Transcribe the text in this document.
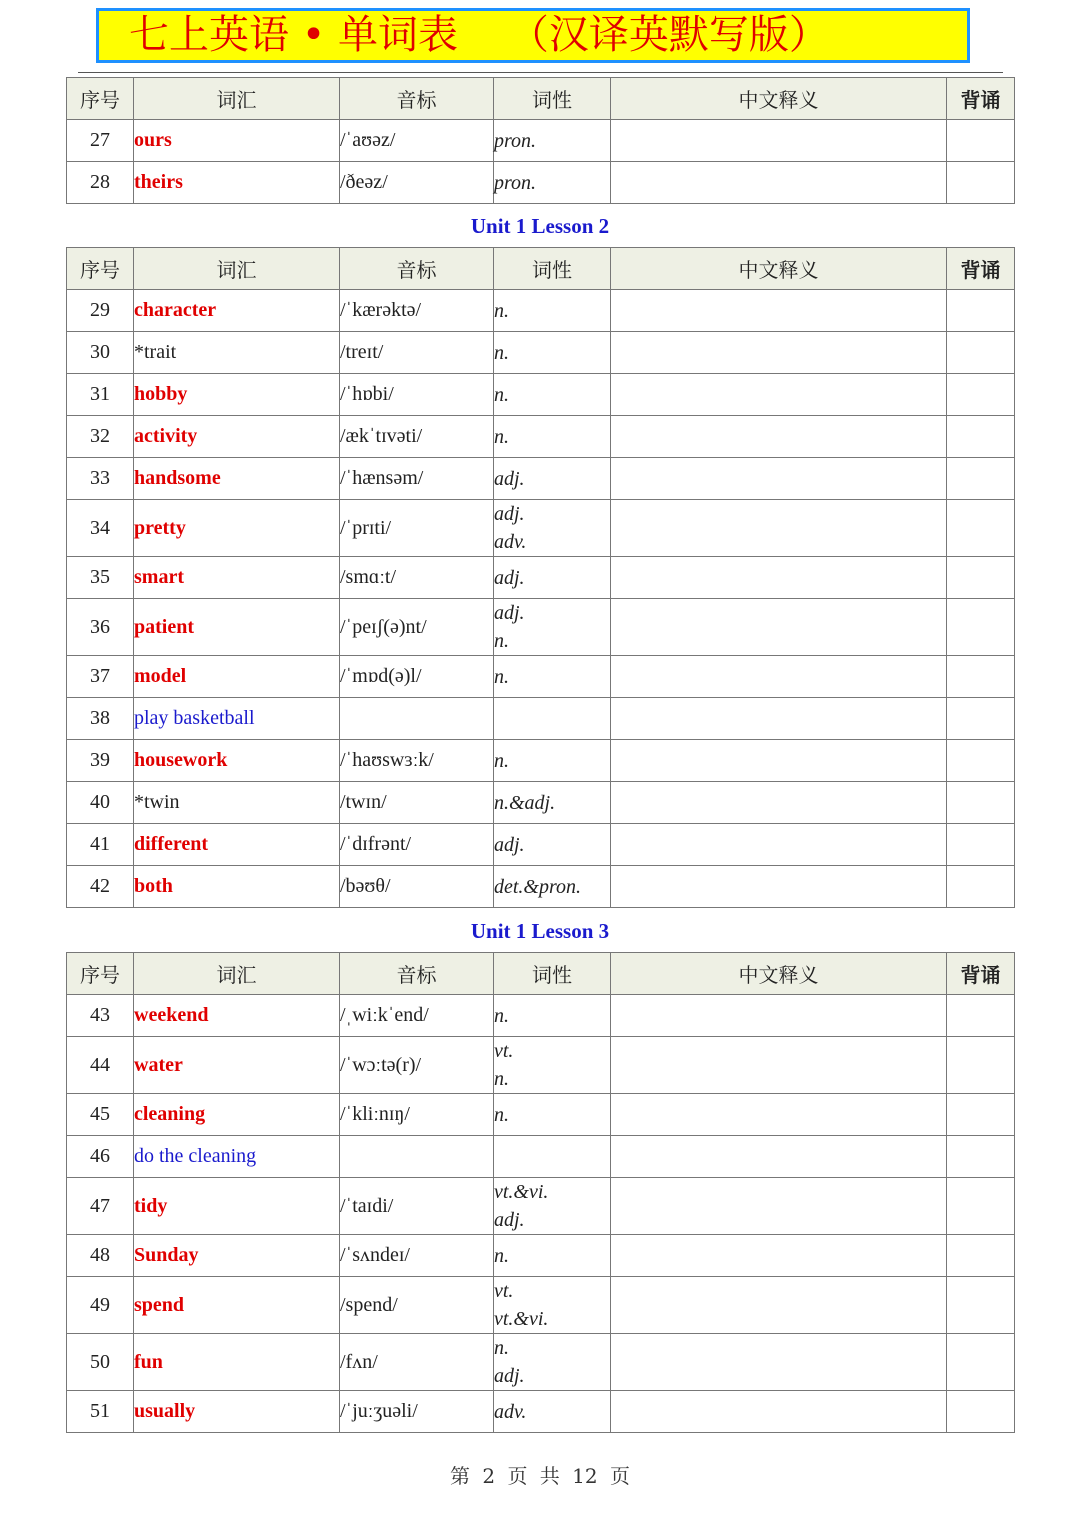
七上英语 • 单词表    （汉译英默写版）
序号	词汇	音标	词性	中文释义	背诵
27	ours	/ˈaʊəz/	pron.		

28	theirs	/ðeəz/	pron.		

Unit 1 Lesson 2
序号	词汇	音标	词性	中文释义	背诵
29	character	/ˈkærəktə/	n.		

30	*trait	/treɪt/	n.		

31	hobby	/ˈhɒbi/	n.		

32	activity	/ækˈtɪvəti/	n.		

33	handsome	/ˈhænsəm/	adj.		

34	pretty	/ˈprɪti/	adj.
adv.		

35	smart	/smɑːt/	adj.		

36	patient	/ˈpeɪʃ(ə)nt/	adj.
n.		

37	model	/ˈmɒd(ə)l/	n.		

38	play basketball		

39	housework	/ˈhaʊswɜːk/	n.		

40	*twin	/twɪn/	n.&adj.		

41	different	/ˈdɪfrənt/	adj.		

42	both	/bəʊθ/	det.&pron.		

Unit 1 Lesson 3
序号	词汇	音标	词性	中文释义	背诵
43	weekend	/ˌwiːkˈend/	n.		

44	water	/ˈwɔːtə(r)/	vt.
n.		

45	cleaning	/ˈkliːnɪŋ/	n.		

46	do the cleaning		

47	tidy	/ˈtaɪdi/	vt.&vi.
adj.		

48	Sunday	/ˈsʌndeɪ/	n.		

49	spend	/spend/	vt.
vt.&vi.		

50	fun	/fʌn/	n.
adj.		

51	usually	/ˈjuːʒuəli/	adv.		

第 2 页 共 12 页
